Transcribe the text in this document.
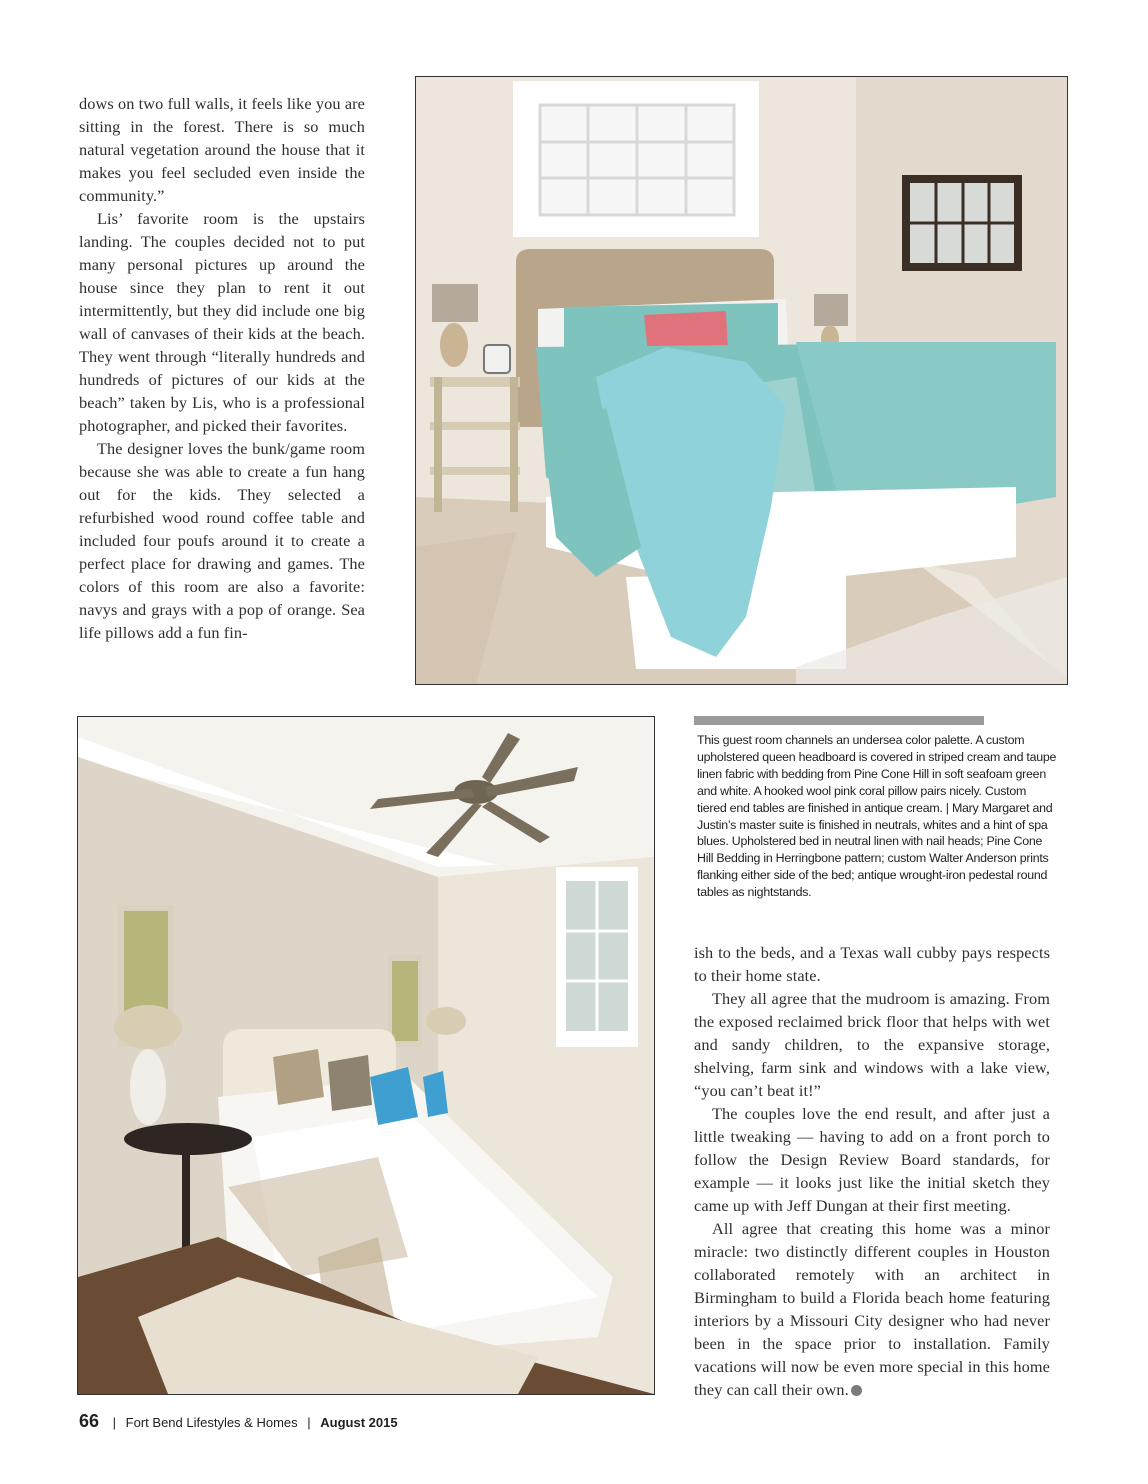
dows on two full walls, it feels like you are sitting in the forest. There is so much natural vegetation around the house that it makes you feel secluded even inside the community.”

Lis’ favorite room is the upstairs landing. The couples decided not to put many personal pictures up around the house since they plan to rent it out intermittently, but they did include one big wall of canvases of their kids at the beach. They went through “literally hundreds and hundreds of pictures of our kids at the beach” taken by Lis, who is a professional photographer, and picked their favorites.

The designer loves the bunk/game room because she was able to create a fun hang out for the kids. They selected a refurbished wood round coffee table and included four poufs around it to create a perfect place for drawing and games. The colors of this room are also a favorite: navys and grays with a pop of orange. Sea life pillows add a fun fin-

This guest room channels an undersea color palette. A custom upholstered queen headboard is covered in striped cream and taupe linen fabric with bedding from Pine Cone Hill in soft seafoam green and white. A hooked wool pink coral pillow pairs nicely. Custom tiered end tables are finished in antique cream. | Mary Margaret and Justin’s master suite is finished in neutrals, whites and a hint of spa blues. Upholstered bed in neutral linen with nail heads; Pine Cone Hill Bedding in Herringbone pattern; custom Walter Anderson prints flanking either side of the bed; antique wrought-iron pedestal round tables as nightstands.

ish to the beds, and a Texas wall cubby pays respects to their home state.

They all agree that the mudroom is amazing. From the exposed reclaimed brick floor that helps with wet and sandy children, to the expansive storage, shelving, farm sink and windows with a lake view, “you can’t beat it!”

The couples love the end result, and after just a little tweaking — having to add on a front porch to follow the Design Review Board standards, for example — it looks just like the initial sketch they came up with Jeff Dungan at their first meeting.

All agree that creating this home was a minor miracle: two distinctly different couples in Houston collaborated remotely with an architect in Birmingham to build a Florida beach home featuring interiors by a Missouri City designer who had never been in the space prior to installation. Family vacations will now be even more special in this home they can call their own.

66 | Fort Bend Lifestyles & Homes | August 2015
